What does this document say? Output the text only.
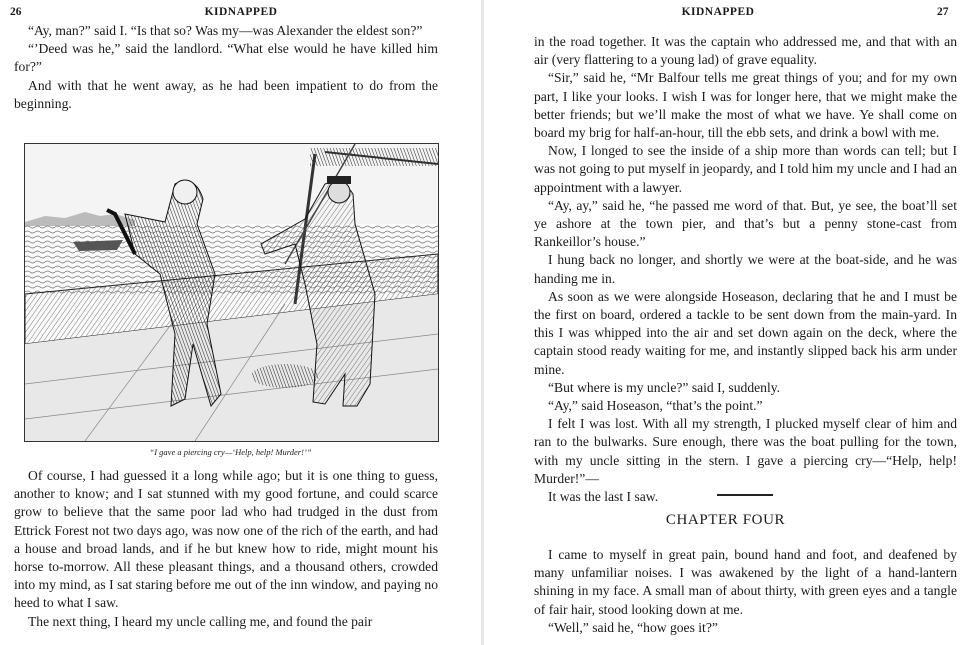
26	KIDNAPPED

“Ay, man?” said I. “Is that so? Was my—was Alexander the eldest son?”

“’Deed was he,” said the landlord. “What else would he have killed him for?”

And with that he went away, as he had been impatient to do from the beginning.

“I gave a piercing cry—‘Help, help! Murder!’”

Of course, I had guessed it a long while ago; but it is one thing to guess, another to know; and I sat stunned with my good fortune, and could scarce grow to believe that the same poor lad who had trudged in the dust from Ettrick Forest not two days ago, was now one of the rich of the earth, and had a house and broad lands, and if he but knew how to ride, might mount his horse to-morrow. All these pleasant things, and a thousand others, crowded into my mind, as I sat staring before me out of the inn window, and paying no heed to what I saw.

The next thing, I heard my uncle calling me, and found the pair

KIDNAPPED	27

in the road together. It was the captain who addressed me, and that with an air (very flattering to a young lad) of grave equality.

“Sir,” said he, “Mr Balfour tells me great things of you; and for my own part, I like your looks. I wish I was for longer here, that we might make the better friends; but we’ll make the most of what we have. Ye shall come on board my brig for half-an-hour, till the ebb sets, and drink a bowl with me.

Now, I longed to see the inside of a ship more than words can tell; but I was not going to put myself in jeopardy, and I told him my uncle and I had an appointment with a lawyer.

“Ay, ay,” said he, “he passed me word of that. But, ye see, the boat’ll set ye ashore at the town pier, and that’s but a penny stone-cast from Rankeillor’s house.”

I hung back no longer, and shortly we were at the boat-side, and he was handing me in.

As soon as we were alongside Hoseason, declaring that he and I must be the first on board, ordered a tackle to be sent down from the main-yard. In this I was whipped into the air and set down again on the deck, where the captain stood ready waiting for me, and instantly slipped back his arm under mine.

“But where is my uncle?” said I, suddenly.

“Ay,” said Hoseason, “that’s the point.”

I felt I was lost. With all my strength, I plucked myself clear of him and ran to the bulwarks. Sure enough, there was the boat pulling for the town, with my uncle sitting in the stern. I gave a piercing cry—“Help, help! Murder!”—

It was the last I saw.

CHAPTER FOUR

I came to myself in great pain, bound hand and foot, and deafened by many unfamiliar noises. I was awakened by the light of a hand-lantern shining in my face. A small man of about thirty, with green eyes and a tangle of fair hair, stood looking down at me.

“Well,” said he, “how goes it?”
